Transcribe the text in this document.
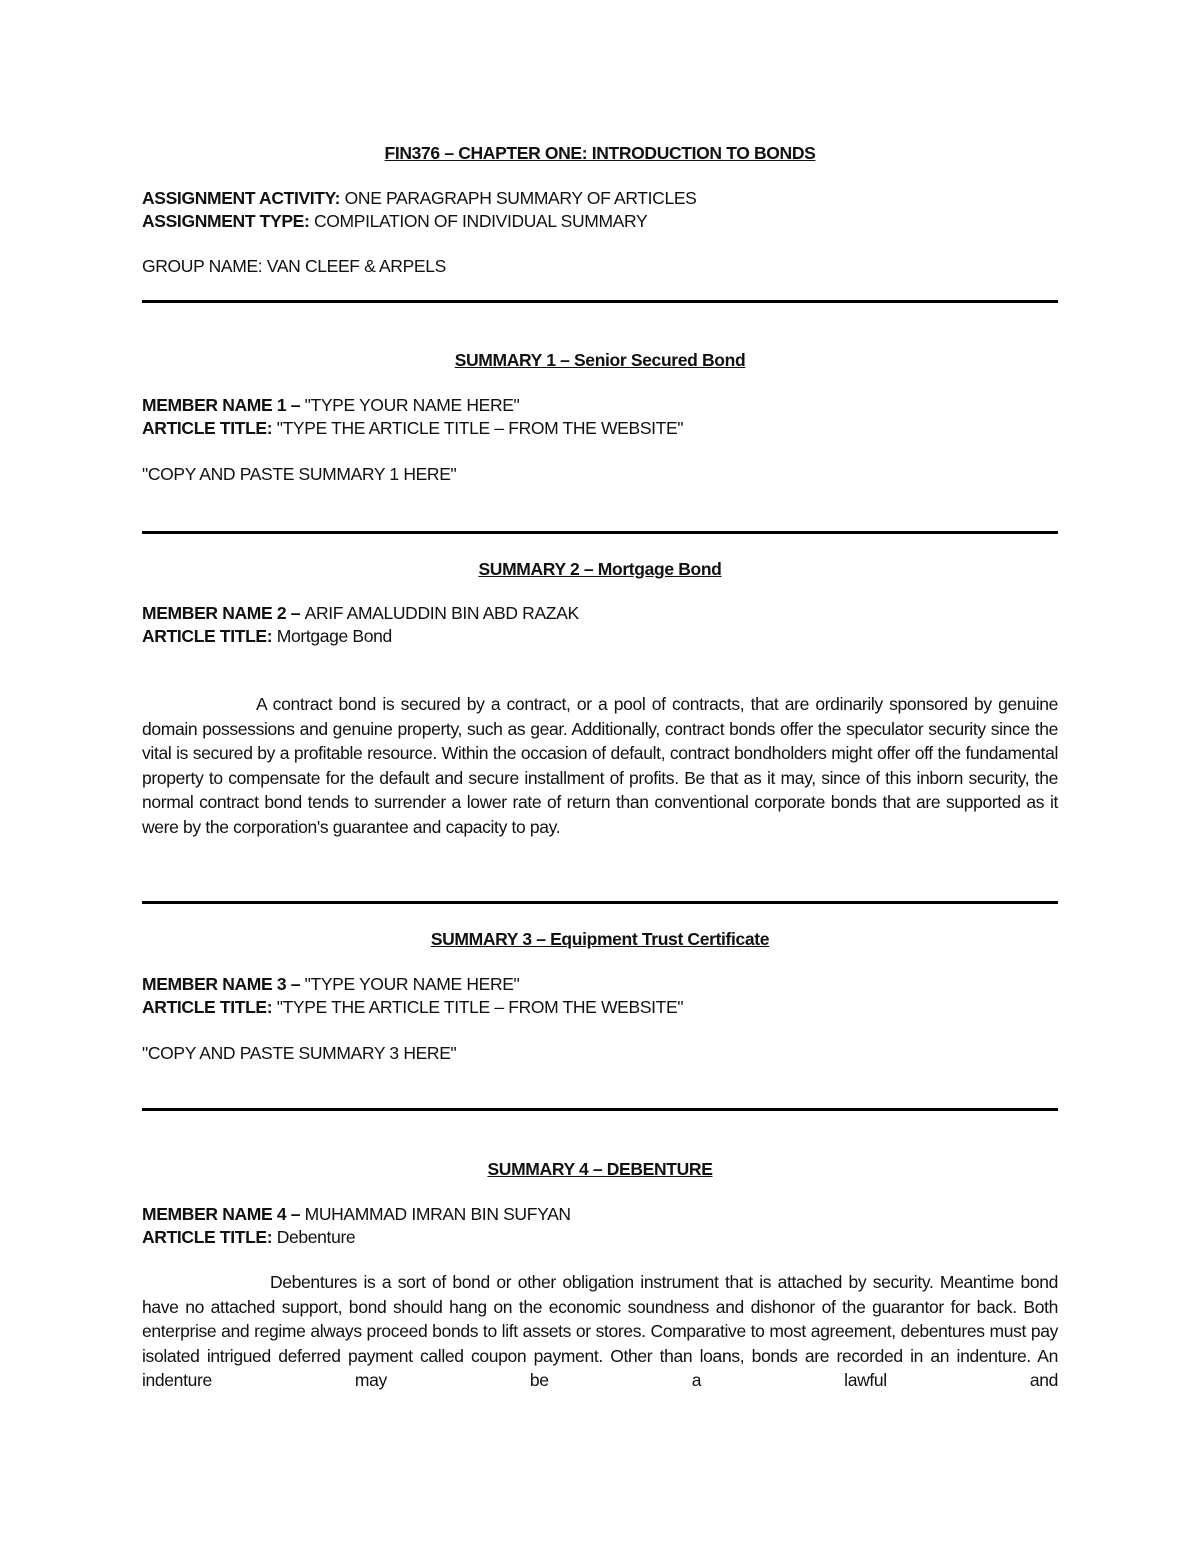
FIN376 – CHAPTER ONE: INTRODUCTION TO BONDS
ASSIGNMENT ACTIVITY: ONE PARAGRAPH SUMMARY OF ARTICLES
ASSIGNMENT TYPE: COMPILATION OF INDIVIDUAL SUMMARY
GROUP NAME: VAN CLEEF & ARPELS
SUMMARY 1 – Senior Secured Bond
MEMBER NAME 1 – "TYPE YOUR NAME HERE"
ARTICLE TITLE: "TYPE THE ARTICLE TITLE – FROM THE WEBSITE"
"COPY AND PASTE SUMMARY 1 HERE"
SUMMARY 2 – Mortgage Bond
MEMBER NAME 2 – ARIF AMALUDDIN BIN ABD RAZAK
ARTICLE TITLE: Mortgage Bond
A contract bond is secured by a contract, or a pool of contracts, that are ordinarily sponsored by genuine domain possessions and genuine property, such as gear. Additionally, contract bonds offer the speculator security since the vital is secured by a profitable resource. Within the occasion of default, contract bondholders might offer off the fundamental property to compensate for the default and secure installment of profits. Be that as it may, since of this inborn security, the normal contract bond tends to surrender a lower rate of return than conventional corporate bonds that are supported as it were by the corporation's guarantee and capacity to pay.
SUMMARY 3 – Equipment Trust Certificate
MEMBER NAME 3 – "TYPE YOUR NAME HERE"
ARTICLE TITLE: "TYPE THE ARTICLE TITLE – FROM THE WEBSITE"
"COPY AND PASTE SUMMARY 3 HERE"
SUMMARY 4 – DEBENTURE
MEMBER NAME 4 – MUHAMMAD IMRAN BIN SUFYAN
ARTICLE TITLE: Debenture
Debentures is a sort of bond or other obligation instrument that is attached by security. Meantime bond have no attached support, bond should hang on the economic soundness and dishonor of the guarantor for back. Both enterprise and regime always proceed bonds to lift assets or stores. Comparative to most agreement, debentures must pay isolated intrigued deferred payment called coupon payment. Other than loans, bonds are recorded in an indenture. An indenture may be a lawful and
